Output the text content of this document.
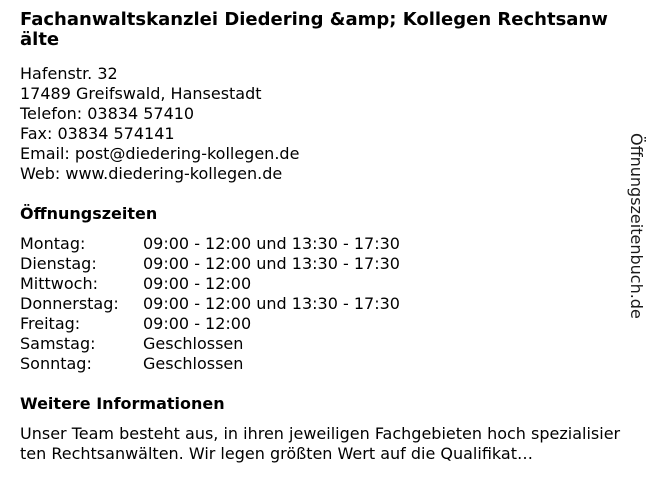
Fachanwaltskanzlei Diedering &amp; Kollegen Rechtsanwälte
Hafenstr. 32
17489 Greifswald, Hansestadt
Telefon: 03834 57410
Fax: 03834 574141
Email: post@diedering-kollegen.de
Web: www.diedering-kollegen.de
Öffnungszeiten
Montag:	09:00 - 12:00 und 13:30 - 17:30
Dienstag:	09:00 - 12:00 und 13:30 - 17:30
Mittwoch:	09:00 - 12:00
Donnerstag:	09:00 - 12:00 und 13:30 - 17:30
Freitag:	09:00 - 12:00
Samstag:	Geschlossen
Sonntag:	Geschlossen
Weitere Informationen

Unser Team besteht aus, in ihren jeweiligen Fachgebieten hoch spezialisierten Rechtsanwälten. Wir legen größten Wert auf die Qualifikat…

Öffnungszeitenbuch.de
